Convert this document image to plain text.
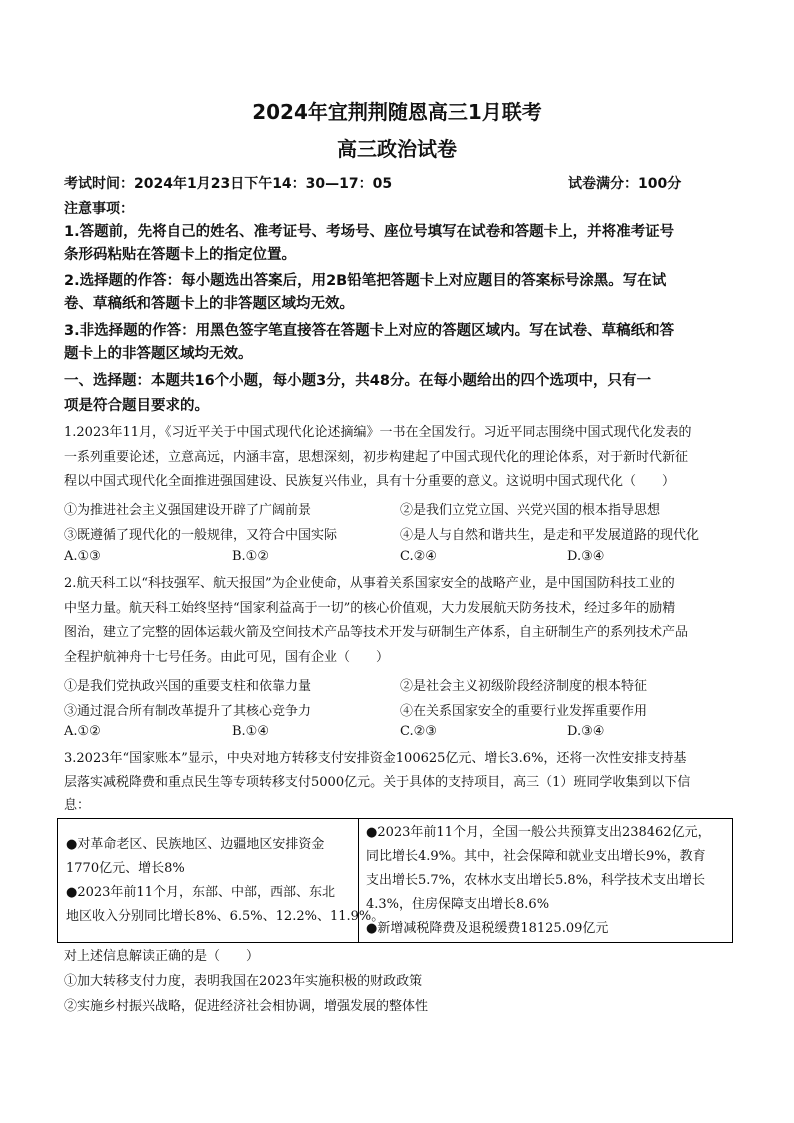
2024年宜荆荆随恩高三1月联考
高三政治试卷
考试时间：2024年1月23日下午14：30—17：05	试卷满分：100分
注意事项：
1.答题前，先将自己的姓名、准考证号、考场号、座位号填写在试卷和答题卡上，并将准考证号
条形码粘贴在答题卡上的指定位置。
2.选择题的作答：每小题选出答案后，用2B铅笔把答题卡上对应题目的答案标号涂黑。写在试
卷、草稿纸和答题卡上的非答题区域均无效。
3.非选择题的作答：用黑色签字笔直接答在答题卡上对应的答题区域内。写在试卷、草稿纸和答
题卡上的非答题区域均无效。
一、选择题：本题共16个小题，每小题3分，共48分。在每小题给出的四个选项中，只有一
项是符合题目要求的。
1.2023年11月，《习近平关于中国式现代化论述摘编》一书在全国发行。习近平同志围绕中国式现代化发表的
一系列重要论述，立意高远，内涵丰富，思想深刻，初步构建起了中国式现代化的理论体系，对于新时代新征
程以中国式现代化全面推进强国建设、民族复兴伟业，具有十分重要的意义。这说明中国式现代化（　　）
①为推进社会主义强国建设开辟了广阔前景	②是我们立党立国、兴党兴国的根本指导思想
③既遵循了现代化的一般规律，又符合中国实际	④是人与自然和谐共生，是走和平发展道路的现代化
A.①③	B.①②	C.②④	D.③④
2.航天科工以“科技强军、航天报国”为企业使命，从事着关系国家安全的战略产业，是中国国防科技工业的
中坚力量。航天科工始终坚持“国家利益高于一切”的核心价值观，大力发展航天防务技术，经过多年的励精
图治，建立了完整的固体运载火箭及空间技术产品等技术开发与研制生产体系，自主研制生产的系列技术产品
全程护航神舟十七号任务。由此可见，国有企业（　　）
①是我们党执政兴国的重要支柱和依靠力量	②是社会主义初级阶段经济制度的根本特征
③通过混合所有制改革提升了其核心竞争力	④在关系国家安全的重要行业发挥重要作用
A.①②	B.①④	C.②③	D.③④
3.2023年“国家账本”显示，中央对地方转移支付安排资金100625亿元、增长3.6%，还将一次性安排支持基
层落实减税降费和重点民生等专项转移支付5000亿元。关于具体的支持项目，高三（1）班同学收集到以下信
息：
●对革命老区、民族地区、边疆地区安排资金
1770亿元、增长8%
●2023年前11个月，东部、中部，西部、东北
地区收入分别同比增长8%、6.5%、12.2%、11.9%。
●2023年前11个月，全国一般公共预算支出238462亿元，
同比增长4.9%。其中，社会保障和就业支出增长9%，教育
支出增长5.7%，农林水支出增长5.8%，科学技术支出增长
4.3%，住房保障支出增长8.6%
●新增减税降费及退税缓费18125.09亿元
对上述信息解读正确的是（　　）
①加大转移支付力度，表明我国在2023年实施积极的财政政策
②实施乡村振兴战略，促进经济社会相协调，增强发展的整体性
